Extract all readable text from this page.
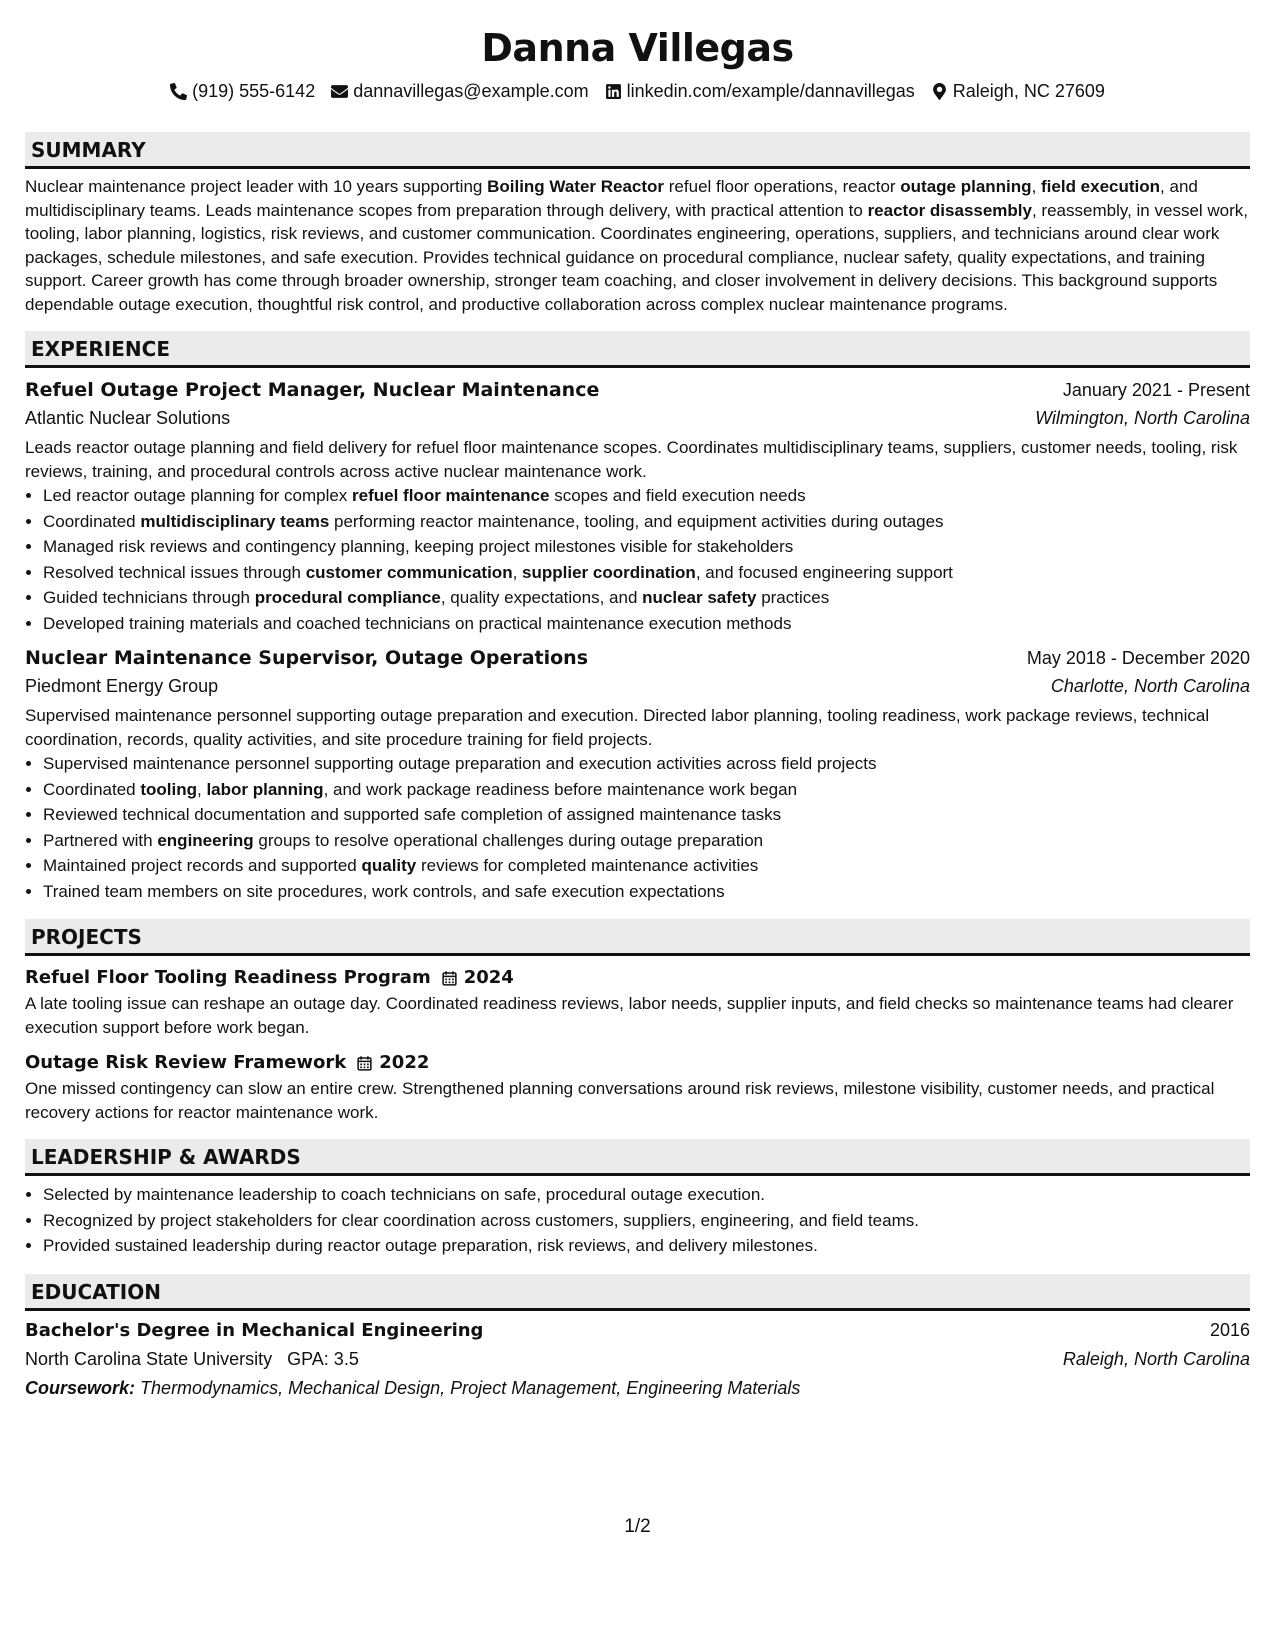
Danna Villegas
(919) 555-6142 dannavillegas@example.com linkedin.com/example/dannavillegas Raleigh, NC 27609
SUMMARY
Nuclear maintenance project leader with 10 years supporting Boiling Water Reactor refuel floor operations, reactor outage planning, field execution, and multidisciplinary teams. Leads maintenance scopes from preparation through delivery, with practical attention to reactor disassembly, reassembly, in vessel work, tooling, labor planning, logistics, risk reviews, and customer communication. Coordinates engineering, operations, suppliers, and technicians around clear work packages, schedule milestones, and safe execution. Provides technical guidance on procedural compliance, nuclear safety, quality expectations, and training support. Career growth has come through broader ownership, stronger team coaching, and closer involvement in delivery decisions. This background supports dependable outage execution, thoughtful risk control, and productive collaboration across complex nuclear maintenance programs.
EXPERIENCE
Refuel Outage Project Manager, Nuclear Maintenance	January 2021 - Present
Atlantic Nuclear Solutions	Wilmington, North Carolina

Leads reactor outage planning and field delivery for refuel floor maintenance scopes. Coordinates multidisciplinary teams, suppliers, customer needs, tooling, risk reviews, training, and procedural controls across active nuclear maintenance work.

• Led reactor outage planning for complex refuel floor maintenance scopes and field execution needs
• Coordinated multidisciplinary teams performing reactor maintenance, tooling, and equipment activities during outages
• Managed risk reviews and contingency planning, keeping project milestones visible for stakeholders
• Resolved technical issues through customer communication, supplier coordination, and focused engineering support
• Guided technicians through procedural compliance, quality expectations, and nuclear safety practices
• Developed training materials and coached technicians on practical maintenance execution methods
Nuclear Maintenance Supervisor, Outage Operations	May 2018 - December 2020
Piedmont Energy Group	Charlotte, North Carolina

Supervised maintenance personnel supporting outage preparation and execution. Directed labor planning, tooling readiness, work package reviews, technical coordination, records, quality activities, and site procedure training for field projects.

• Supervised maintenance personnel supporting outage preparation and execution activities across field projects
• Coordinated tooling, labor planning, and work package readiness before maintenance work began
• Reviewed technical documentation and supported safe completion of assigned maintenance tasks
• Partnered with engineering groups to resolve operational challenges during outage preparation
• Maintained project records and supported quality reviews for completed maintenance activities
• Trained team members on site procedures, work controls, and safe execution expectations
PROJECTS
Refuel Floor Tooling Readiness Program 2024

A late tooling issue can reshape an outage day. Coordinated readiness reviews, labor needs, supplier inputs, and field checks so maintenance teams had clearer execution support before work began.

Outage Risk Review Framework 2022

One missed contingency can slow an entire crew. Strengthened planning conversations around risk reviews, milestone visibility, customer needs, and practical recovery actions for reactor maintenance work.

LEADERSHIP & AWARDS
• Selected by maintenance leadership to coach technicians on safe, procedural outage execution.
• Recognized by project stakeholders for clear coordination across customers, suppliers, engineering, and field teams.
• Provided sustained leadership during reactor outage preparation, risk reviews, and delivery milestones.
EDUCATION
Bachelor's Degree in Mechanical Engineering	2016
North Carolina State University GPA: 3.5	Raleigh, North Carolina
Coursework: Thermodynamics, Mechanical Design, Project Management, Engineering Materials
1/2
